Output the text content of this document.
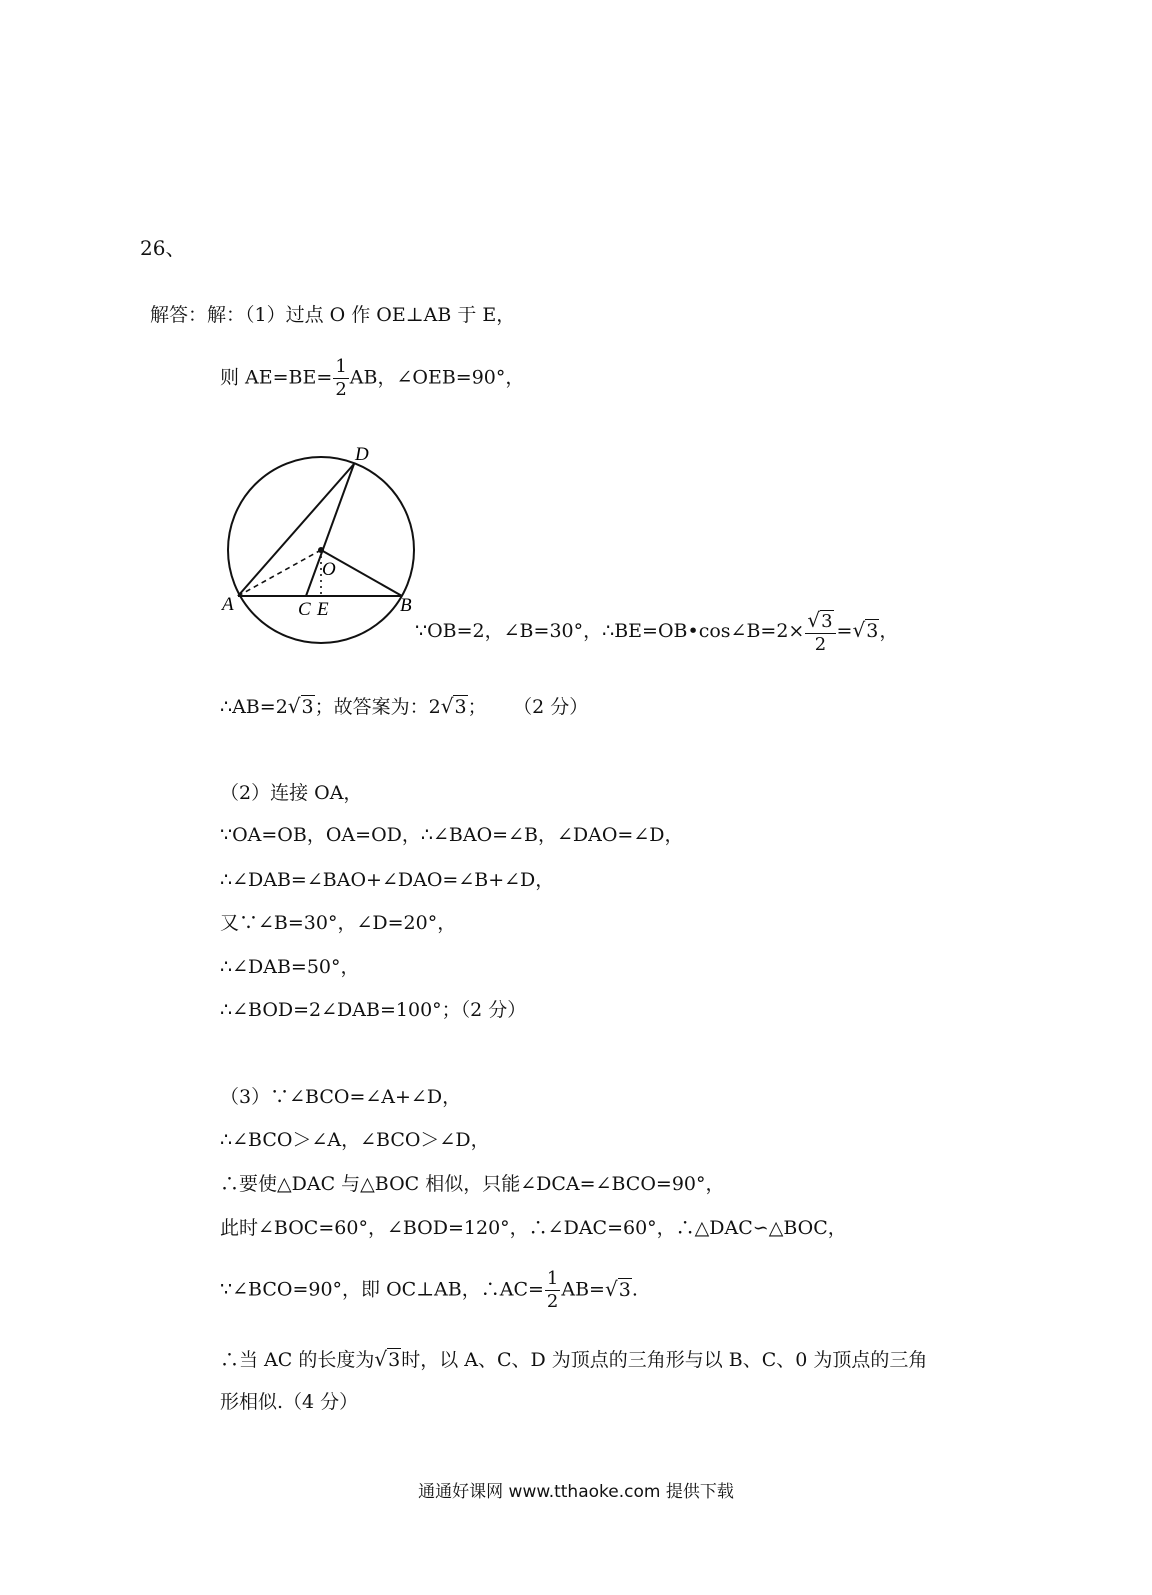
26、
解答：解：（1）过点 O 作 OE⊥AB 于 E，
则 $AE=BE= \frac{1}{2}$ AB，∠OEB=90°，
D
O
A	C E	B
∵OB=2，∠B=30°，∴BE=OB•cos∠B=2× $\frac{√3}{2} =√3$，
∴AB=2√3；故答案为：2√3； （2 分）
（2）连接 OA，
∵OA=OB，OA=OD，∴∠BAO=∠B，∠DAO=∠D，
∴∠DAB=∠BAO+∠DAO=∠B+∠D，
又∵∠B=30°，∠D=20°，
∴∠DAB=50°，
∴∠BOD=2∠DAB=100°；（2 分）
（3）∵∠BCO=∠A+∠D，
∴∠BCO＞∠A，∠BCO＞∠D，
∴要使△DAC 与△BOC 相似，只能∠DCA=∠BCO=90°，
此时∠BOC=60°，∠BOD=120°，∴∠DAC=60°，∴△DAC∽△BOC，
∵∠BCO=90°，即 OC⊥AB，∴AC= $\frac{1}{2} AB=√3$.
∴当 AC 的长度为√3时，以 A、C、D 为顶点的三角形与以 B、C、0 为顶点的三角
形相似.（4 分）
通通好课网 www.tthaoke.com 提供下载
